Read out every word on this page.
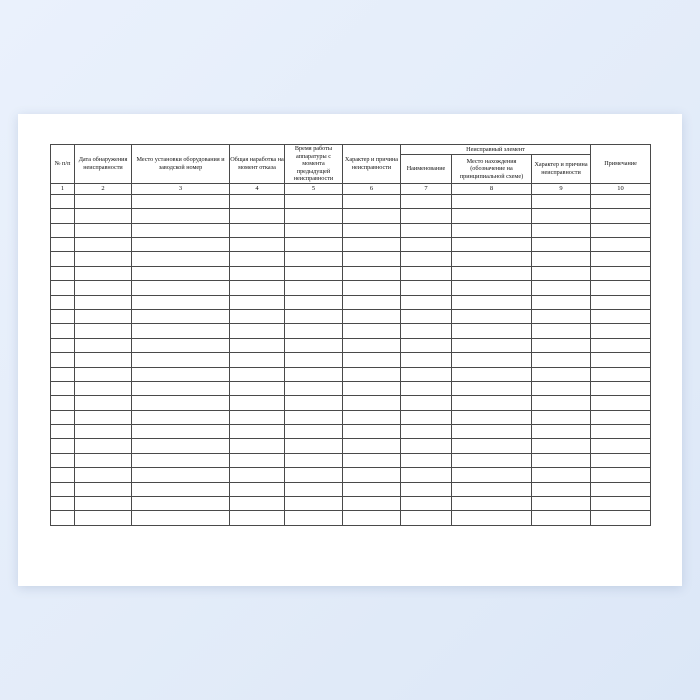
№ п/п	Дата обнаружения неисправности	Место установки оборудования и заводской номер	Общая наработка на момент отказа	Время работы аппаратуры с момента предыдущей неисправности	Характер и причина неисправности	Неисправный элемент			Примечание
						Наименование	Место нахождения (обозначение на принципиальной схеме)	Характер и причина неисправности	
1	2	3	4	5	6	7	8	9	10
